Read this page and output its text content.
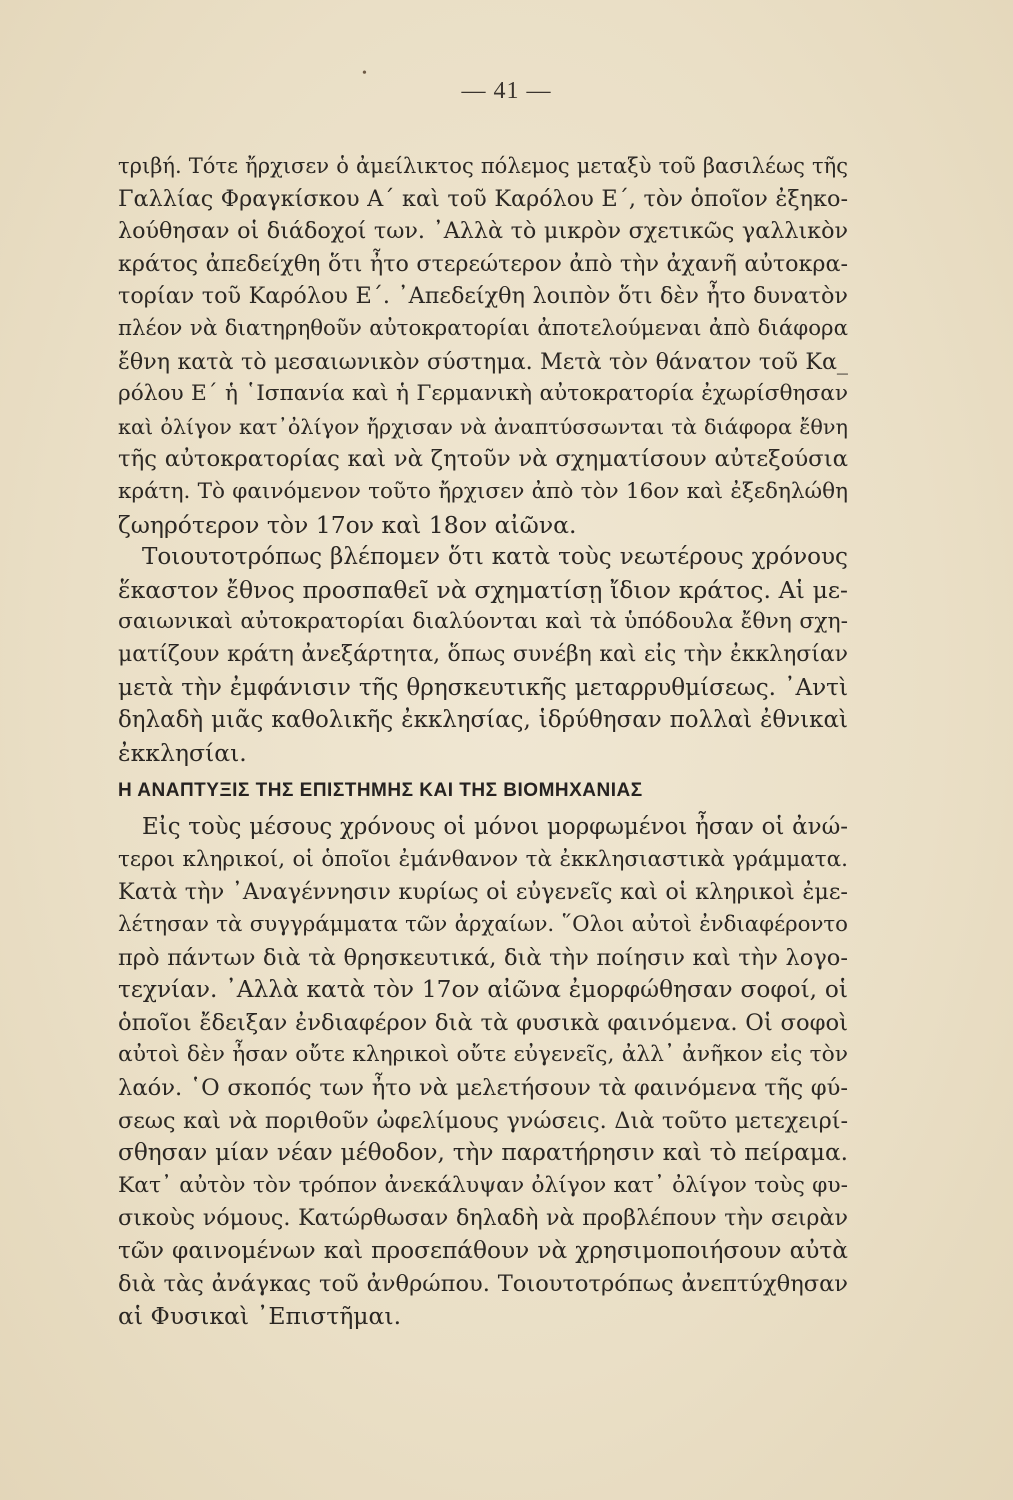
•
— 41 —
τριβή. Τότε ἤρχισεν ὁ ἀμείλικτος πόλεμος μεταξὺ τοῦ βασιλέως τῆς
Γαλλίας Φραγκίσκου Α΄ καὶ τοῦ Καρόλου Ε΄, τὸν ὁποῖον ἐξηκο-
λούθησαν οἱ διάδοχοί των. ᾿Αλλὰ τὸ μικρὸν σχετικῶς γαλλικὸν
κράτος ἀπεδείχθη ὅτι ἦτο στερεώτερον ἀπὸ τὴν ἀχανῆ αὐτοκρα-
τορίαν τοῦ Καρόλου Ε΄. ᾿Απεδείχθη λοιπὸν ὅτι δὲν ἦτο δυνατὸν
πλέον νὰ διατηρηθοῦν αὐτοκρατορίαι ἀποτελούμεναι ἀπὸ διάφορα
ἔθνη κατὰ τὸ μεσαιωνικὸν σύστημα. Μετὰ τὸν θάνατον τοῦ Κα_
ρόλου Ε΄ ἡ ῾Ισπανία καὶ ἡ Γερμανικὴ αὐτοκρατορία ἐχωρίσθησαν
καὶ ὀλίγον κατ᾿ὀλίγον ἤρχισαν νὰ ἀναπτύσσωνται τὰ διάφορα ἔθνη
τῆς αὐτοκρατορίας καὶ νὰ ζητοῦν νὰ σχηματίσουν αὐτεξούσια
κράτη. Τὸ φαινόμενον τοῦτο ἤρχισεν ἀπὸ τὸν 16ον καὶ ἐξεδηλώθη
ζωηρότερον τὸν 17ον καὶ 18ον αἰῶνα.
Τοιουτοτρόπως βλέπομεν ὅτι κατὰ τοὺς νεωτέρους χρόνους
ἕκαστον ἔθνος προσπαθεῖ νὰ σχηματίσῃ ἴδιον κράτος. Αἱ με-
σαιωνικαὶ αὐτοκρατορίαι διαλύονται καὶ τὰ ὑπόδουλα ἔθνη σχη-
ματίζουν κράτη ἀνεξάρτητα, ὅπως συνέβη καὶ εἰς τὴν ἐκκλησίαν
μετὰ τὴν ἐμφάνισιν τῆς θρησκευτικῆς μεταρρυθμίσεως. ᾿Αντὶ
δηλαδὴ μιᾶς καθολικῆς ἐκκλησίας, ἱδρύθησαν πολλαὶ ἐθνικαὶ
ἐκκλησίαι.
Η ΑΝΑΠΤΥΞΙΣ ΤΗΣ ΕΠΙΣΤΗΜΗΣ ΚΑΙ ΤΗΣ ΒΙΟΜΗΧΑΝΙΑΣ
Εἰς τοὺς μέσους χρόνους οἱ μόνοι μορφωμένοι ἦσαν οἱ ἀνώ-
τεροι κληρικοί, οἱ ὁποῖοι ἐμάνθανον τὰ ἐκκλησιαστικὰ γράμματα.
Κατὰ τὴν ᾿Αναγέννησιν κυρίως οἱ εὐγενεῖς καὶ οἱ κληρικοὶ ἐμε-
λέτησαν τὰ συγγράμματα τῶν ἀρχαίων. ῞Ολοι αὐτοὶ ἐνδιαφέροντο
πρὸ πάντων διὰ τὰ θρησκευτικά, διὰ τὴν ποίησιν καὶ τὴν λογο-
τεχνίαν. ᾿Αλλὰ κατὰ τὸν 17ον αἰῶνα ἐμορφώθησαν σοφοί, οἱ
ὁποῖοι ἔδειξαν ἐνδιαφέρον διὰ τὰ φυσικὰ φαινόμενα. Οἱ σοφοὶ
αὐτοὶ δὲν ἦσαν οὔτε κληρικοὶ οὔτε εὐγενεῖς, ἀλλ᾿ ἀνῆκον εἰς τὸν
λαόν. ῾Ο σκοπός των ἦτο νὰ μελετήσουν τὰ φαινόμενα τῆς φύ-
σεως καὶ νὰ ποριθοῦν ὠφελίμους γνώσεις. Διὰ τοῦτο μετεχειρί-
σθησαν μίαν νέαν μέθοδον, τὴν παρατήρησιν καὶ τὸ πείραμα.
Κατ᾿ αὐτὸν τὸν τρόπον ἀνεκάλυψαν ὀλίγον κατ᾿ ὀλίγον τοὺς φυ-
σικοὺς νόμους. Κατώρθωσαν δηλαδὴ νὰ προβλέπουν τὴν σειρὰν
τῶν φαινομένων καὶ προσεπάθουν νὰ χρησιμοποιήσουν αὐτὰ
διὰ τὰς ἀνάγκας τοῦ ἀνθρώπου. Τοιουτοτρόπως ἀνεπτύχθησαν
αἱ Φυσικαὶ ᾿Επιστῆμαι.
